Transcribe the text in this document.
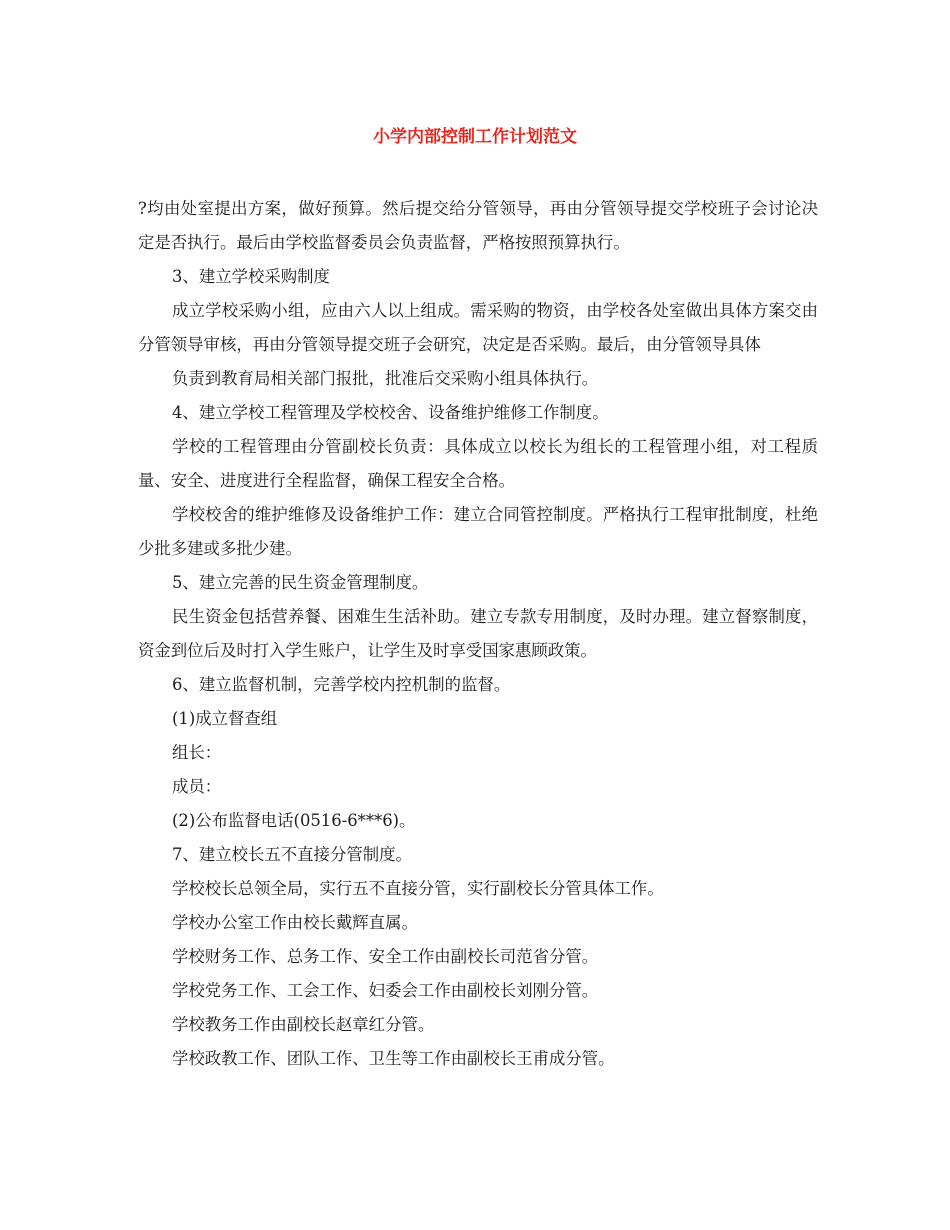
小学内部控制工作计划范文

?均由处室提出方案，做好预算。然后提交给分管领导，再由分管领导提交学校班子会讨论决定是否执行。最后由学校监督委员会负责监督，严格按照预算执行。

3、建立学校采购制度

成立学校采购小组，应由六人以上组成。需采购的物资，由学校各处室做出具体方案交由分管领导审核，再由分管领导提交班子会研究，决定是否采购。最后，由分管领导具体

负责到教育局相关部门报批，批准后交采购小组具体执行。

4、建立学校工程管理及学校校舍、设备维护维修工作制度。

学校的工程管理由分管副校长负责：具体成立以校长为组长的工程管理小组，对工程质量、安全、进度进行全程监督，确保工程安全合格。

学校校舍的维护维修及设备维护工作：建立合同管控制度。严格执行工程审批制度，杜绝少批多建或多批少建。

5、建立完善的民生资金管理制度。

民生资金包括营养餐、困难生生活补助。建立专款专用制度，及时办理。建立督察制度，资金到位后及时打入学生账户，让学生及时享受国家惠顾政策。

6、建立监督机制，完善学校内控机制的监督。

(1)成立督查组

组长：

成员：

(2)公布监督电话(0516-6***6)。

7、建立校长五不直接分管制度。

学校校长总领全局，实行五不直接分管，实行副校长分管具体工作。

学校办公室工作由校长戴辉直属。

学校财务工作、总务工作、安全工作由副校长司范省分管。

学校党务工作、工会工作、妇委会工作由副校长刘刚分管。

学校教务工作由副校长赵章红分管。

学校政教工作、团队工作、卫生等工作由副校长王甫成分管。
